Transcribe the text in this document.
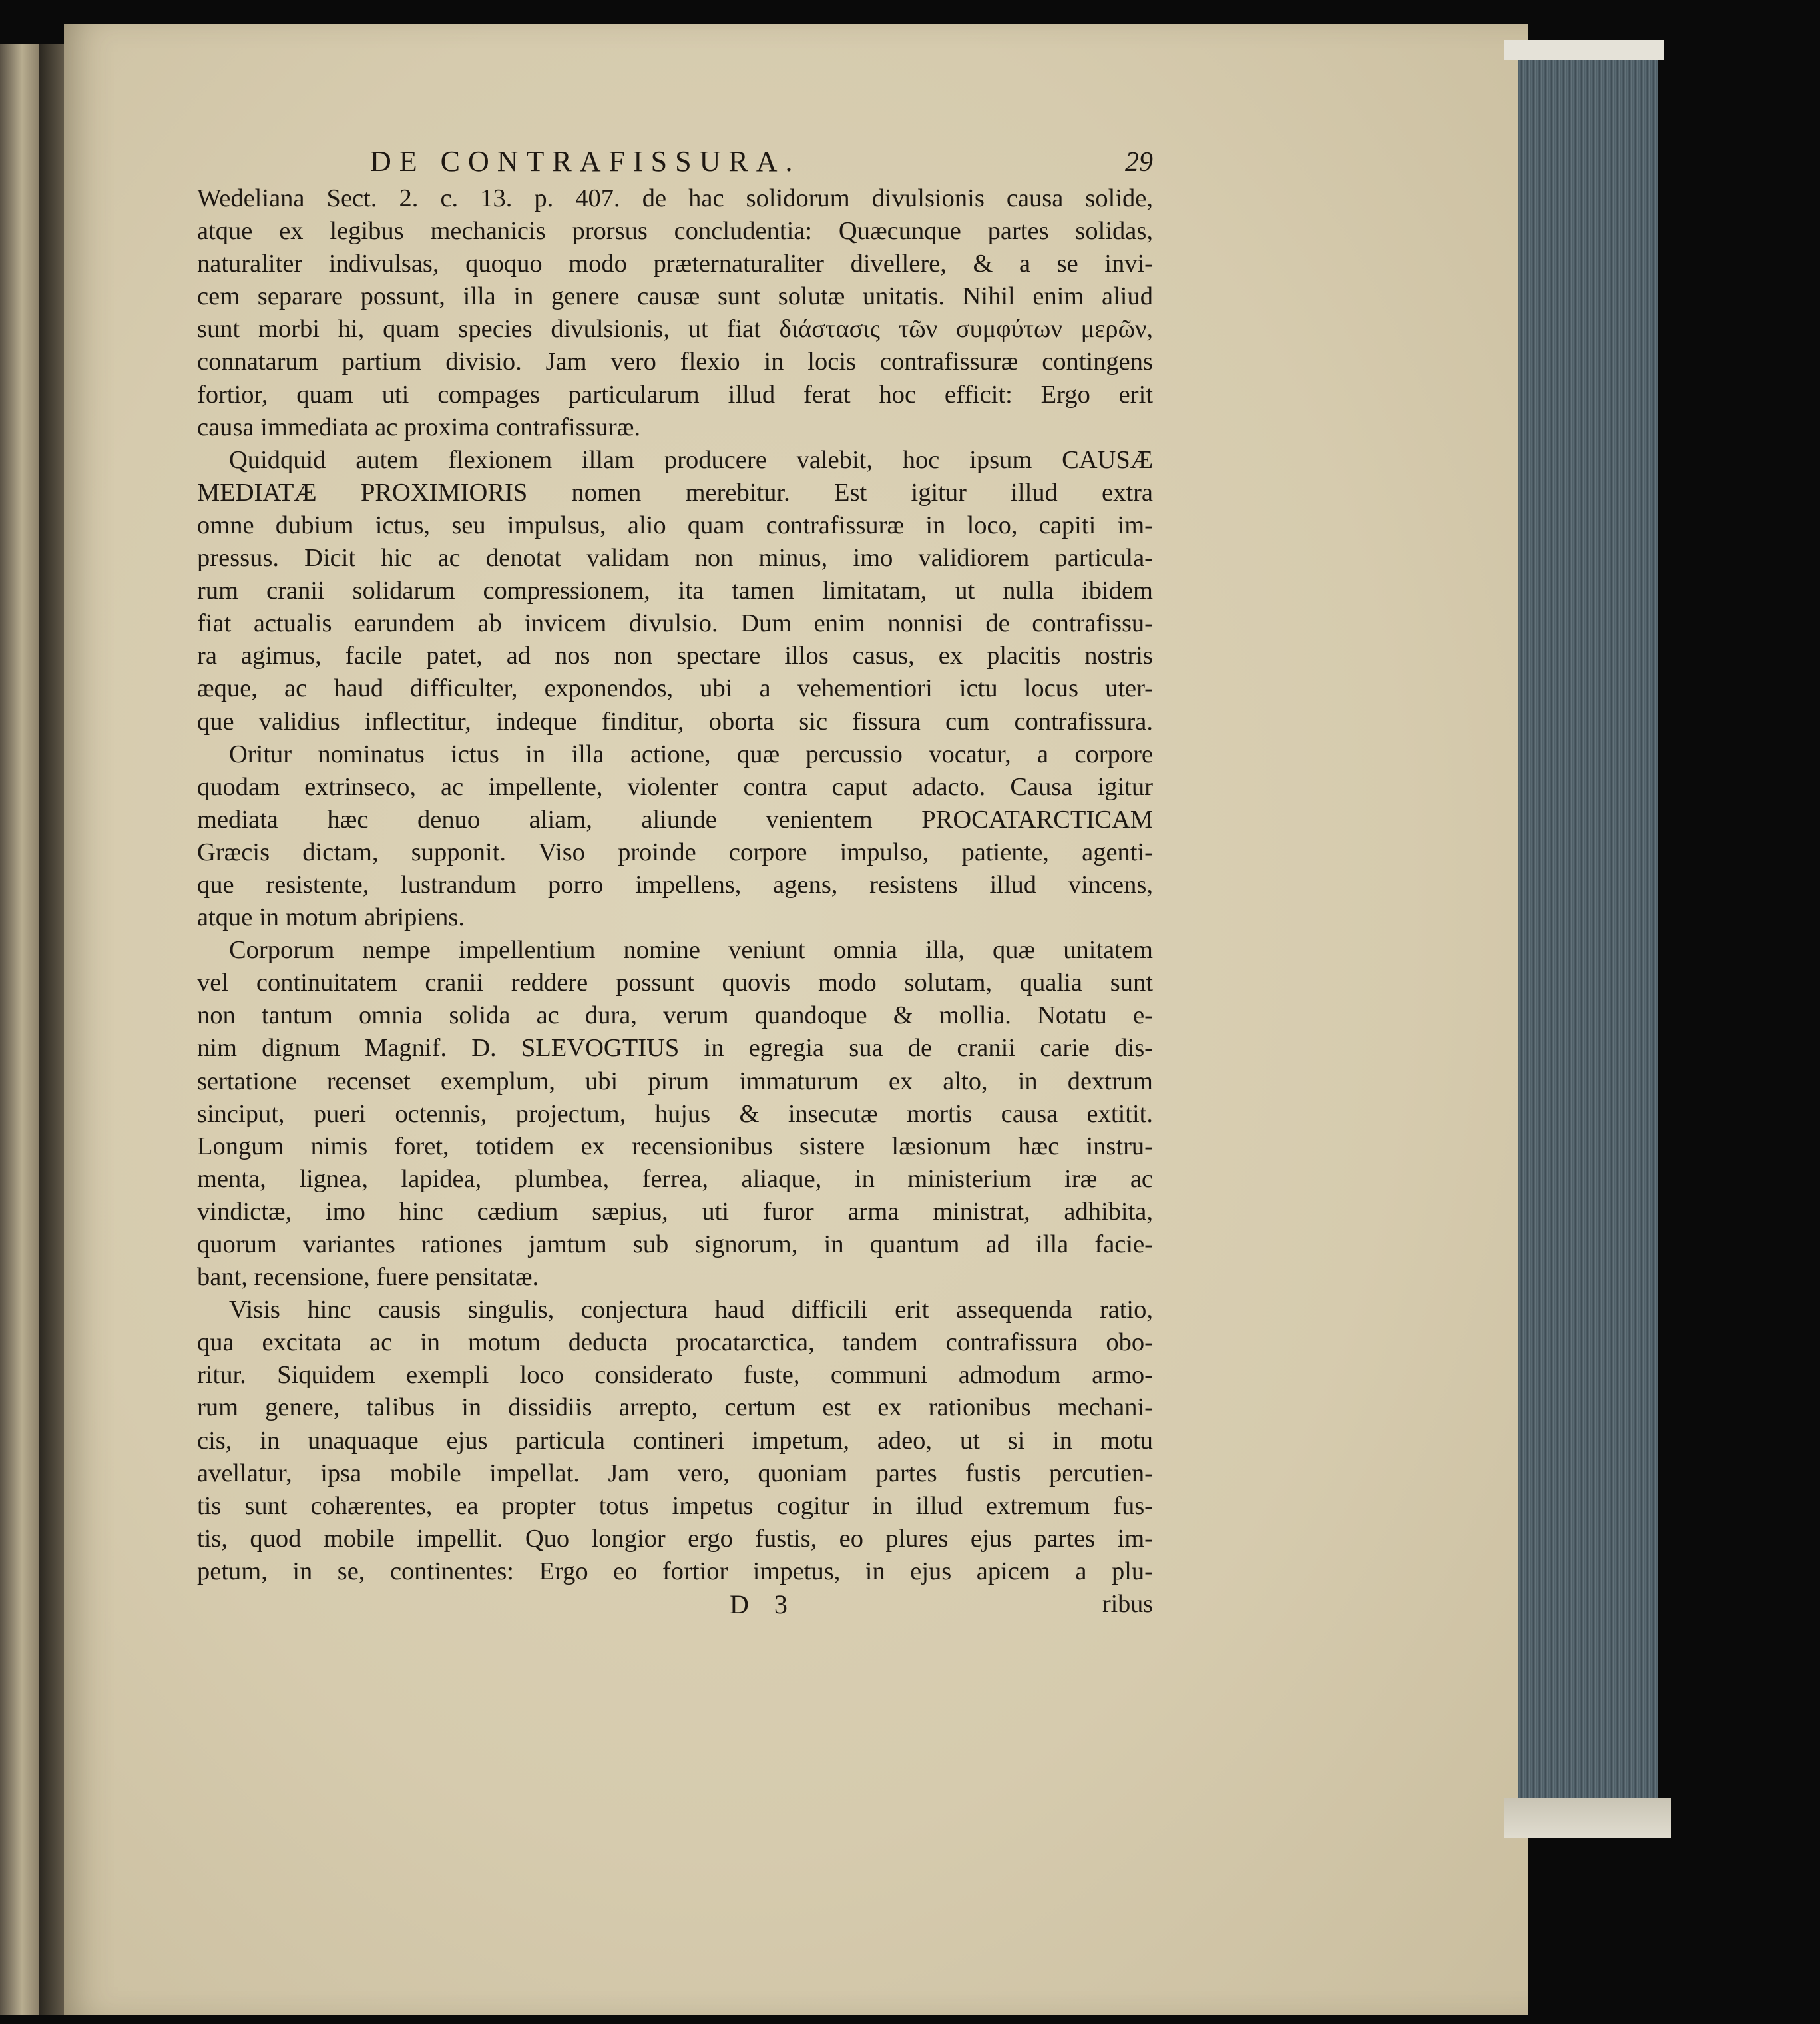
DE CONTRAFISSURA.	29
Wedeliana Sect. 2. c. 13. p. 407. de hac solidorum divulsionis causa solide,
atque ex legibus mechanicis prorsus concludentia: Quæcunque partes solidas,
naturaliter indivulsas, quoquo modo præternaturaliter divellere, & a se invi-
cem separare possunt, illa in genere causæ sunt solutæ unitatis. Nihil enim aliud
sunt morbi hi, quam species divulsionis, ut fiat διάστασις τῶν συμφύτων μερῶν,
connatarum partium divisio. Jam vero flexio in locis contrafissuræ contingens
fortior, quam uti compages particularum illud ferat hoc efficit: Ergo erit
causa immediata ac proxima contrafissuræ.
Quidquid autem flexionem illam producere valebit, hoc ipsum CAUSÆ
MEDIATÆ PROXIMIORIS nomen merebitur. Est igitur illud extra
omne dubium ictus, seu impulsus, alio quam contrafissuræ in loco, capiti im-
pressus. Dicit hic ac denotat validam non minus, imo validiorem particula-
rum cranii solidarum compressionem, ita tamen limitatam, ut nulla ibidem
fiat actualis earundem ab invicem divulsio. Dum enim nonnisi de contrafissu-
ra agimus, facile patet, ad nos non spectare illos casus, ex placitis nostris
æque, ac haud difficulter, exponendos, ubi a vehementiori ictu locus uter-
que validius inflectitur, indeque finditur, oborta sic fissura cum contrafissura.
Oritur nominatus ictus in illa actione, quæ percussio vocatur, a corpore
quodam extrinseco, ac impellente, violenter contra caput adacto. Causa igitur
mediata hæc denuo aliam, aliunde venientem PROCATARCTICAM
Græcis dictam, supponit. Viso proinde corpore impulso, patiente, agenti-
que resistente, lustrandum porro impellens, agens, resistens illud vincens,
atque in motum abripiens.
Corporum nempe impellentium nomine veniunt omnia illa, quæ unitatem
vel continuitatem cranii reddere possunt quovis modo solutam, qualia sunt
non tantum omnia solida ac dura, verum quandoque & mollia. Notatu e-
nim dignum Magnif. D. SLEVOGTIUS in egregia sua de cranii carie dis-
sertatione recenset exemplum, ubi pirum immaturum ex alto, in dextrum
sinciput, pueri octennis, projectum, hujus & insecutæ mortis causa extitit.
Longum nimis foret, totidem ex recensionibus sistere læsionum hæc instru-
menta, lignea, lapidea, plumbea, ferrea, aliaque, in ministerium iræ ac
vindictæ, imo hinc cædium sæpius, uti furor arma ministrat, adhibita,
quorum variantes rationes jamtum sub signorum, in quantum ad illa facie-
bant, recensione, fuere pensitatæ.
Visis hinc causis singulis, conjectura haud difficili erit assequenda ratio,
qua excitata ac in motum deducta procatarctica, tandem contrafissura obo-
ritur. Siquidem exempli loco considerato fuste, communi admodum armo-
rum genere, talibus in dissidiis arrepto, certum est ex rationibus mechani-
cis, in unaquaque ejus particula contineri impetum, adeo, ut si in motu
avellatur, ipsa mobile impellat. Jam vero, quoniam partes fustis percutien-
tis sunt cohærentes, ea propter totus impetus cogitur in illud extremum fus-
tis, quod mobile impellit. Quo longior ergo fustis, eo plures ejus partes im-
petum, in se, continentes: Ergo eo fortior impetus, in ejus apicem a plu-
D 3	ribus
